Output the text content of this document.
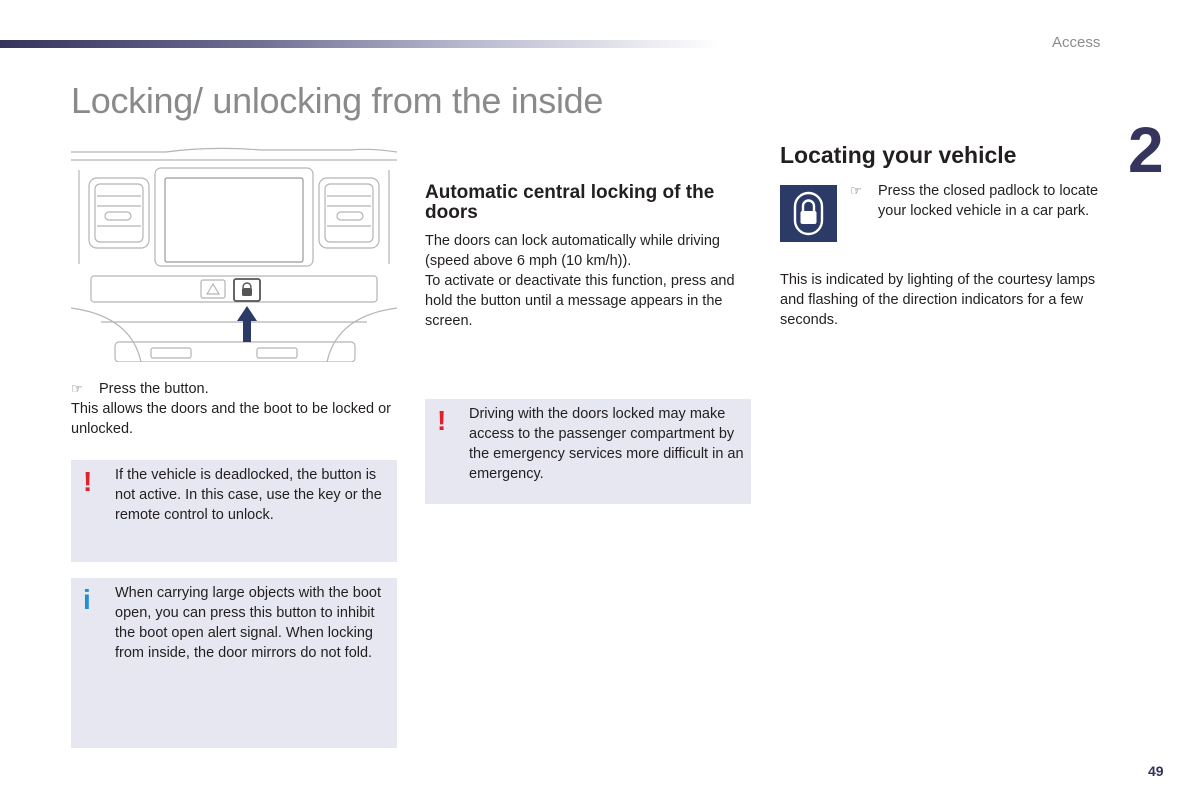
Access
Locking/ unlocking from the inside
2
☞ Press the button.

This allows the doors and the boot to be locked or unlocked.

! If the vehicle is deadlocked, the button is not active. In this case, use the key or the remote control to unlock.

i When carrying large objects with the boot open, you can press this button to inhibit the boot open alert signal. When locking from inside, the door mirrors do not fold.

Automatic central locking of the doors

The doors can lock automatically while driving (speed above 6 mph (10 km/h)).

To activate or deactivate this function, press and hold the button until a message appears in the screen.

! Driving with the doors locked may make access to the passenger compartment by the emergency services more difficult in an emergency.

Locating your vehicle
☞ Press the closed padlock to locate your locked vehicle in a car park.

This is indicated by lighting of the courtesy lamps and flashing of the direction indicators for a few seconds.

49
